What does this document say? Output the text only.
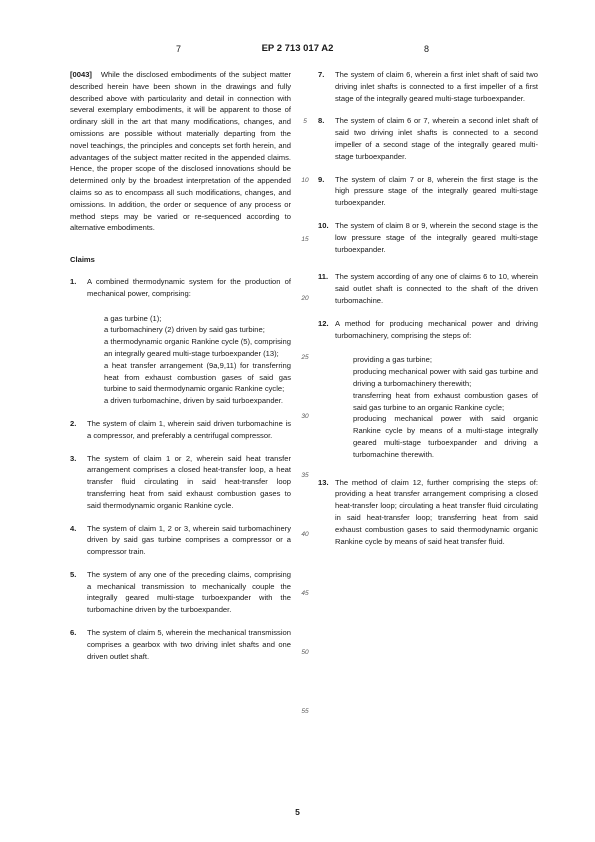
7	EP 2 713 017 A2	8

[0043] While the disclosed embodiments of the subject matter described herein have been shown in the drawings and fully described above with particularity and detail in connection with several exemplary embodiments, it will be apparent to those of ordinary skill in the art that many modifications, changes, and omissions are possible without materially departing from the novel teachings, the principles and concepts set forth herein, and advantages of the subject matter recited in the appended claims. Hence, the proper scope of the disclosed innovations should be determined only by the broadest interpretation of the appended claims so as to encompass all such modifications, changes, and omissions. In addition, the order or sequence of any process or method steps may be varied or re-sequenced according to alternative embodiments.

Claims
1.	A combined thermodynamic system for the production of mechanical power, comprising:
a gas turbine (1);
a turbomachinery (2) driven by said gas turbine;
a thermodynamic organic Rankine cycle (5), comprising an integrally geared multi-stage turboexpander (13);
a heat transfer arrangement (9a,9,11) for transferring heat from exhaust combustion gases of said gas turbine to said thermodynamic organic Rankine cycle;
a driven turbomachine, driven by said turboexpander.
2.	The system of claim 1, wherein said driven turbomachine is a compressor, and preferably a centrifugal compressor.
3.	The system of claim 1 or 2, wherein said heat transfer arrangement comprises a closed heat-transfer loop, a heat transfer fluid circulating in said heat-transfer loop transferring heat from said exhaust combustion gases to said thermodynamic organic Rankine cycle.
4.	The system of claim 1, 2 or 3, wherein said turbomachinery driven by said gas turbine comprises a compressor or a compressor train.
5.	The system of any one of the preceding claims, comprising a mechanical transmission to mechanically couple the integrally geared multi-stage turboexpander with the turbomachine driven by the turboexpander.
6.	The system of claim 5, wherein the mechanical transmission comprises a gearbox with two driving inlet shafts and one driven outlet shaft.
5
10
15
20
25
30
35
40
45
50
55
7.	The system of claim 6, wherein a first inlet shaft of said two driving inlet shafts is connected to a first impeller of a first stage of the integrally geared multi-stage turboexpander.
8.	The system of claim 6 or 7, wherein a second inlet shaft of said two driving inlet shafts is connected to a second impeller of a second stage of the integrally geared multi-stage turboexpander.
9.	The system of claim 7 or 8, wherein the first stage is the high pressure stage of the integrally geared multi-stage turboexpander.
10. The system of claim 8 or 9, wherein the second stage is the low pressure stage of the integrally geared multi-stage turboexpander.
11. The system according of any one of claims 6 to 10, wherein said outlet shaft is connected to the shaft of the driven turbomachine.
12. A method for producing mechanical power and driving turbomachinery, comprising the steps of:
providing a gas turbine;
producing mechanical power with said gas turbine and driving a turbomachinery therewith;
transferring heat from exhaust combustion gases of said gas turbine to an organic Rankine cycle;
producing mechanical power with said organic Rankine cycle by means of a multi-stage integrally geared multi-stage turboexpander and driving a turbomachine therewith.
13. The method of claim 12, further comprising the steps of: providing a heat transfer arrangement comprising a closed heat-transfer loop; circulating a heat transfer fluid circulating in said heat-transfer loop; transferring heat from said exhaust combustion gases to said thermodynamic organic Rankine cycle by means of said heat transfer fluid.
5
